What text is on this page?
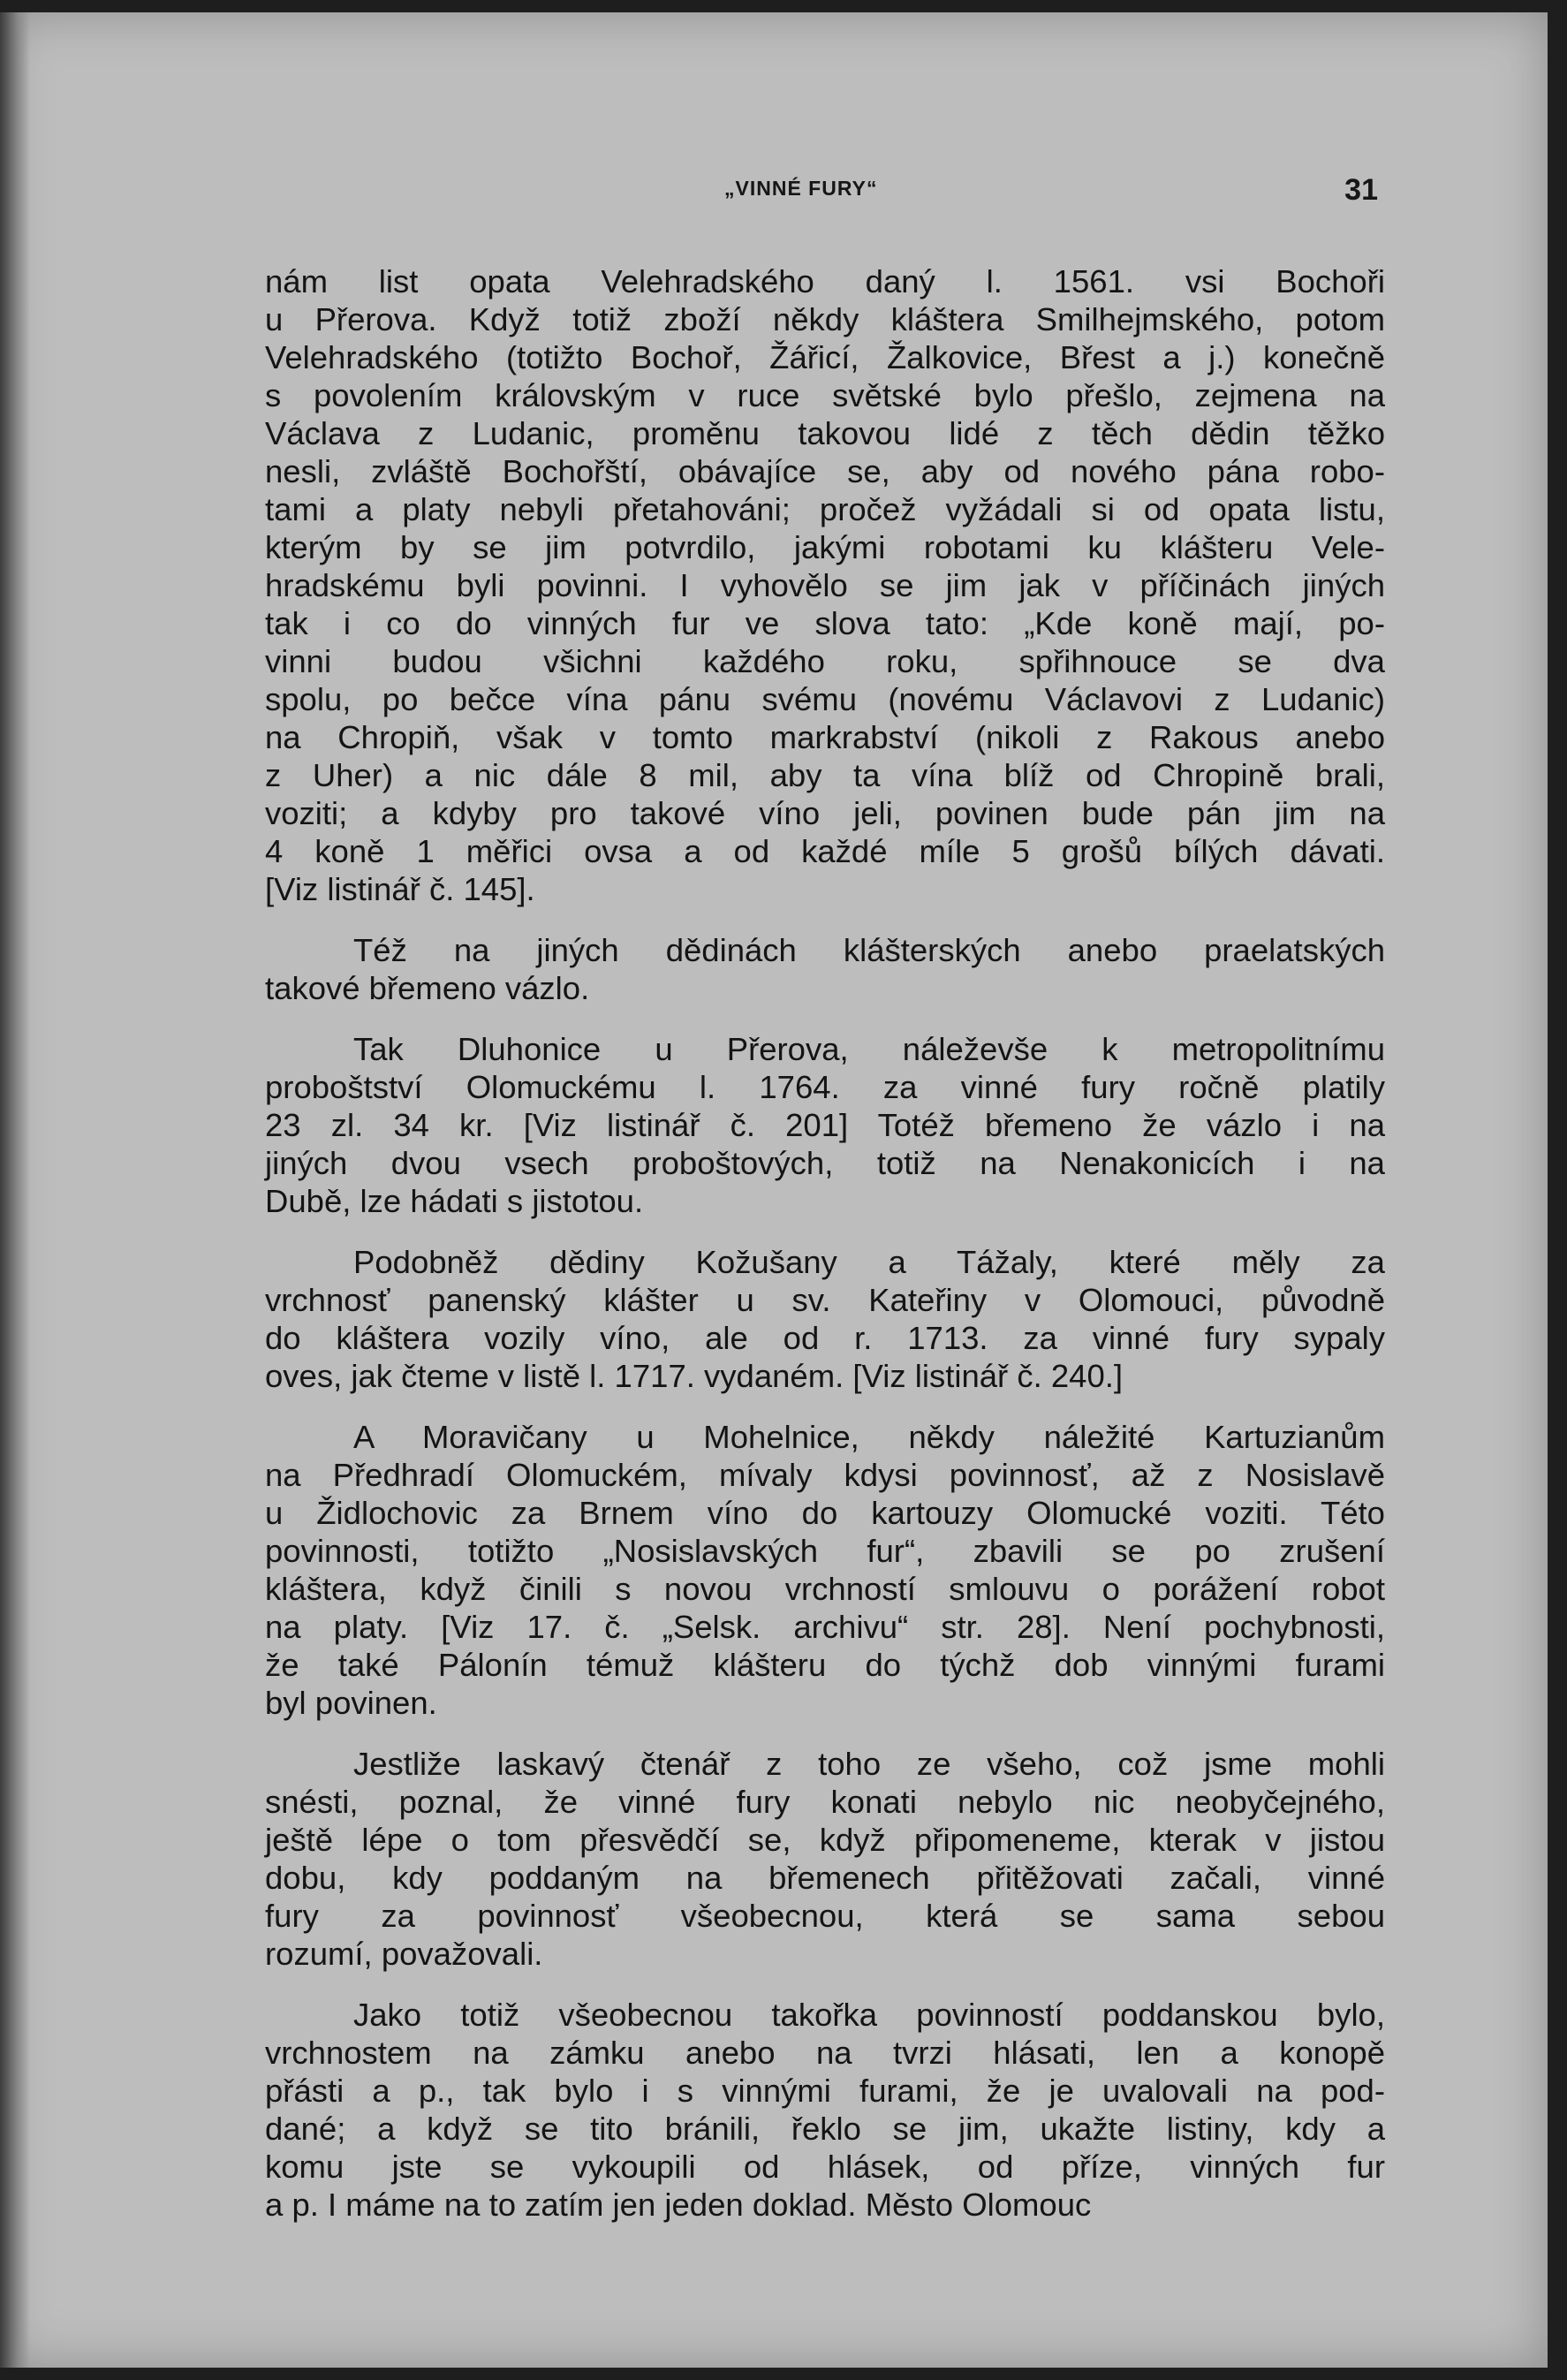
„VINNÉ FURY“	31
nám list opata Velehradského daný l. 1561. vsi Bochoři
u Přerova. Když totiž zboží někdy kláštera Smilhejmského, potom
Velehradského (totižto Bochoř, Žářicí, Žalkovice, Břest a j.) konečně
s povolením královským v ruce světské bylo přešlo, zejmena na
Václava z Ludanic, proměnu takovou lidé z těch dědin těžko
nesli, zvláště Bochořští, obávajíce se, aby od nového pána robo-
tami a platy nebyli přetahováni; pročež vyžádali si od opata listu,
kterým by se jim potvrdilo, jakými robotami ku klášteru Vele-
hradskému byli povinni. I vyhovělo se jim jak v příčinách jiných
tak i co do vinných fur ve slova tato: „Kde koně mají, po-
vinni budou všichni každého roku, spřihnouce se dva
spolu, po bečce vína pánu svému (novému Václavovi z Ludanic)
na Chropiň, však v tomto markrabství (nikoli z Rakous anebo
z Uher) a nic dále 8 mil, aby ta vína blíž od Chropině brali,
voziti; a kdyby pro takové víno jeli, povinen bude pán jim na
4 koně 1 měřici ovsa a od každé míle 5 grošů bílých dávati.
[Viz listinář č. 145].
Též na jiných dědinách klášterských anebo praelatských
takové břemeno vázlo.
Tak Dluhonice u Přerova, náleževše k metropolitnímu
proboštství Olomuckému l. 1764. za vinné fury ročně platily
23 zl. 34 kr. [Viz listinář č. 201] Totéž břemeno že vázlo i na
jiných dvou vsech proboštových, totiž na Nenakonicích i na
Dubě, lze hádati s jistotou.
Podobněž dědiny Kožušany a Tážaly, které měly za
vrchnosť panenský klášter u sv. Kateřiny v Olomouci, původně
do kláštera vozily víno, ale od r. 1713. za vinné fury sypaly
oves, jak čteme v listě l. 1717. vydaném. [Viz listinář č. 240.]
A Moravičany u Mohelnice, někdy náležité Kartuzianům
na Předhradí Olomuckém, mívaly kdysi povinnosť, až z Nosislavě
u Židlochovic za Brnem víno do kartouzy Olomucké voziti. Této
povinnosti, totižto „Nosislavských fur“, zbavili se po zrušení
kláštera, když činili s novou vrchností smlouvu o porážení robot
na platy. [Viz 17. č. „Selsk. archivu“ str. 28]. Není pochybnosti,
že také Pálonín témuž klášteru do týchž dob vinnými furami
byl povinen.
Jestliže laskavý čtenář z toho ze všeho, což jsme mohli
snésti, poznal, že vinné fury konati nebylo nic neobyčejného,
ještě lépe o tom přesvědčí se, když připomeneme, kterak v jistou
dobu, kdy poddaným na břemenech přitěžovati začali, vinné
fury za povinnosť všeobecnou, která se sama sebou
rozumí, považovali.
Jako totiž všeobecnou takořka povinností poddanskou bylo,
vrchnostem na zámku anebo na tvrzi hlásati, len a konopě
přásti a p., tak bylo i s vinnými furami, že je uvalovali na pod-
dané; a když se tito bránili, řeklo se jim, ukažte listiny, kdy a
komu jste se vykoupili od hlásek, od příze, vinných fur
a p. I máme na to zatím jen jeden doklad. Město Olomouc
